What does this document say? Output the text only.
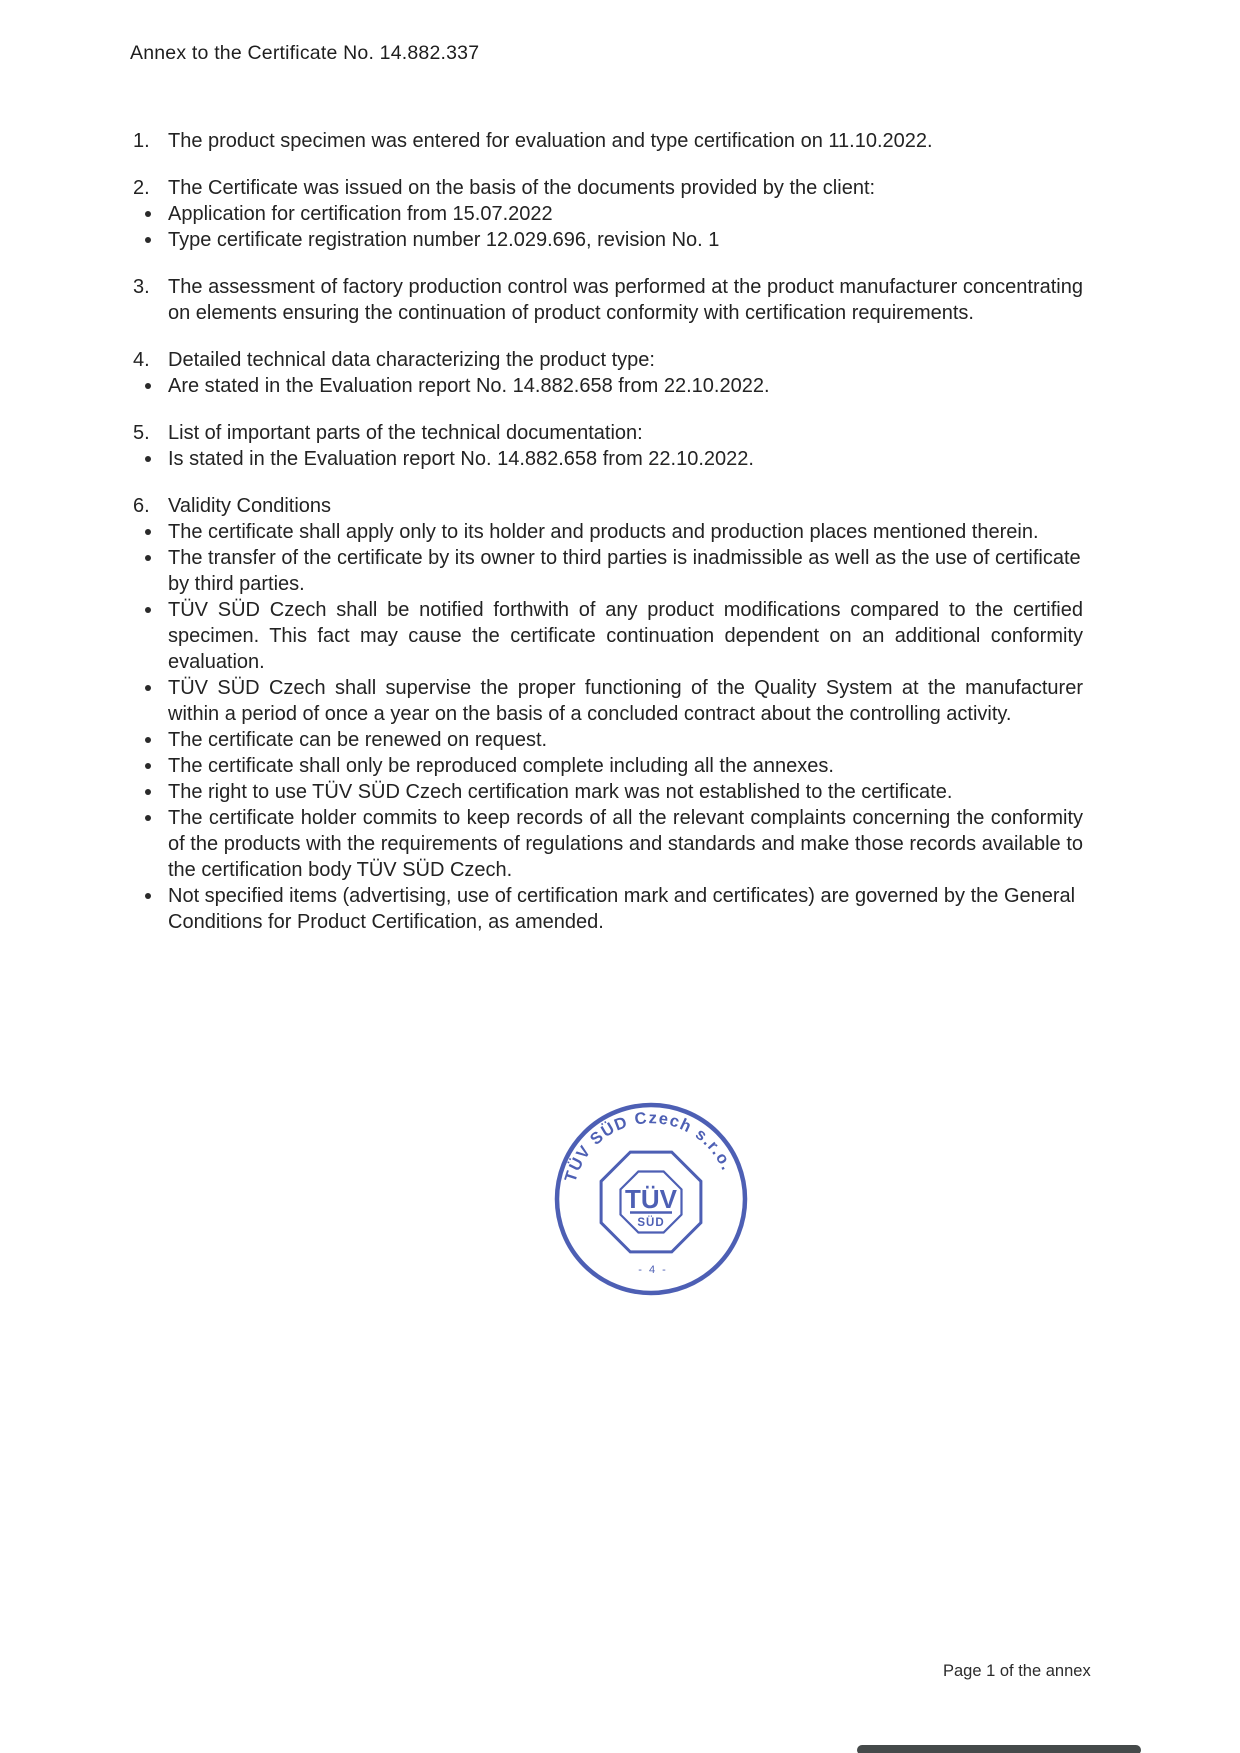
Annex to the Certificate No. 14.882.337
1. The product specimen was entered for evaluation and type certification on 11.10.2022.
2. The Certificate was issued on the basis of the documents provided by the client:
Application for certification from 15.07.2022
Type certificate registration number 12.029.696, revision No. 1
3. The assessment of factory production control was performed at the product manufacturer concentrating on elements ensuring the continuation of product conformity with certification requirements.
4. Detailed technical data characterizing the product type:
Are stated in the Evaluation report No. 14.882.658 from 22.10.2022.
5. List of important parts of the technical documentation:
Is stated in the Evaluation report No. 14.882.658 from 22.10.2022.
6. Validity Conditions
The certificate shall apply only to its holder and products and production places mentioned therein.
The transfer of the certificate by its owner to third parties is inadmissible as well as the use of certificate by third parties.
TÜV SÜD Czech shall be notified forthwith of any product modifications compared to the certified specimen. This fact may cause the certificate continuation dependent on an additional conformity evaluation.
TÜV SÜD Czech shall supervise the proper functioning of the Quality System at the manufacturer within a period of once a year on the basis of a concluded contract about the controlling activity.
The certificate can be renewed on request.
The certificate shall only be reproduced complete including all the annexes.
The right to use TÜV SÜD Czech certification mark was not established to the certificate.
The certificate holder commits to keep records of all the relevant complaints concerning the conformity of the products with the requirements of regulations and standards and make those records available to the certification body TÜV SÜD Czech.
Not specified items (advertising, use of certification mark and certificates) are governed by the General Conditions for Product Certification, as amended.
TÜV SÜD Czech s.r.o.
TÜV
SÜD
- 4 -
Page 1 of the annex
